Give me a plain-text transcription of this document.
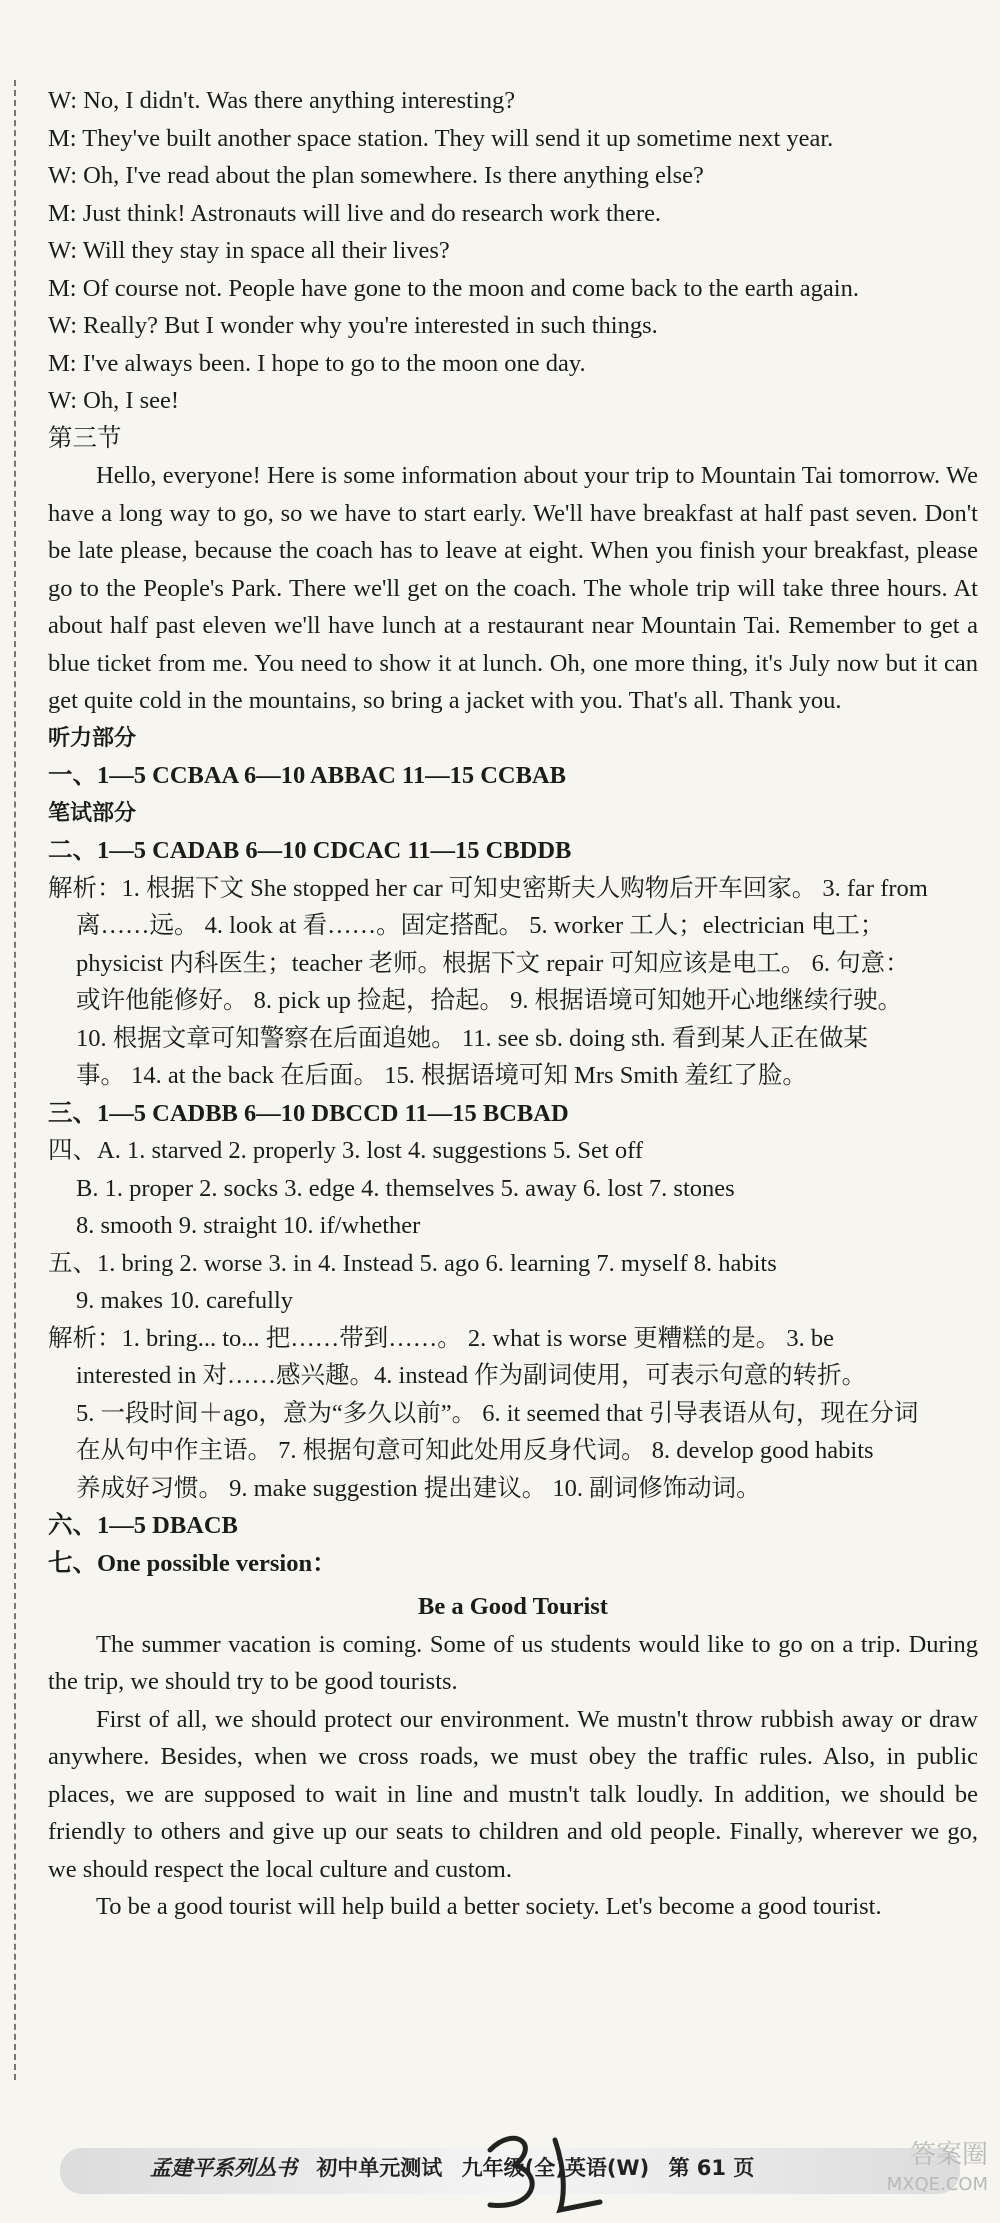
W: No, I didn't. Was there anything interesting?
M: They've built another space station. They will send it up sometime next year.
W: Oh, I've read about the plan somewhere. Is there anything else?
M: Just think! Astronauts will live and do research work there.
W: Will they stay in space all their lives?
M: Of course not. People have gone to the moon and come back to the earth again.
W: Really? But I wonder why you're interested in such things.
M: I've always been. I hope to go to the moon one day.
W: Oh, I see!
第三节
Hello, everyone! Here is some information about your trip to Mountain Tai tomorrow. We have a long way to go, so we have to start early. We'll have breakfast at half past seven. Don't be late please, because the coach has to leave at eight. When you finish your breakfast, please go to the People's Park. There we'll get on the coach. The whole trip will take three hours. At about half past eleven we'll have lunch at a restaurant near Mountain Tai. Remember to get a blue ticket from me. You need to show it at lunch. Oh, one more thing, it's July now but it can get quite cold in the mountains, so bring a jacket with you. That's all. Thank you.
听力部分
一、1—5 CCBAA 6—10 ABBAC 11—15 CCBAB
笔试部分
二、1—5 CADAB 6—10 CDCAC 11—15 CBDDB
解析：1. 根据下文 She stopped her car 可知史密斯夫人购物后开车回家。 3. far from
离……远。 4. look at 看……。固定搭配。 5. worker 工人；electrician 电工；
physicist 内科医生；teacher 老师。根据下文 repair 可知应该是电工。 6. 句意：
或许他能修好。 8. pick up 捡起，拾起。 9. 根据语境可知她开心地继续行驶。
10. 根据文章可知警察在后面追她。 11. see sb. doing sth. 看到某人正在做某
事。 14. at the back 在后面。 15. 根据语境可知 Mrs Smith 羞红了脸。
三、1—5 CADBB 6—10 DBCCD 11—15 BCBAD
四、A. 1. starved 2. properly 3. lost 4. suggestions 5. Set off
B. 1. proper 2. socks 3. edge 4. themselves 5. away 6. lost 7. stones
8. smooth 9. straight 10. if/whether
五、1. bring 2. worse 3. in 4. Instead 5. ago 6. learning 7. myself 8. habits
9. makes 10. carefully
解析：1. bring... to... 把……带到……。 2. what is worse 更糟糕的是。 3. be
interested in 对……感兴趣。4. instead 作为副词使用，可表示句意的转折。
5. 一段时间＋ago，意为“多久以前”。 6. it seemed that 引导表语从句，现在分词
在从句中作主语。 7. 根据句意可知此处用反身代词。 8. develop good habits
养成好习惯。 9. make suggestion 提出建议。 10. 副词修饰动词。
六、1—5 DBACB
七、One possible version：
Be a Good Tourist
The summer vacation is coming. Some of us students would like to go on a trip. During the trip, we should try to be good tourists.
First of all, we should protect our environment. We mustn't throw rubbish away or draw anywhere. Besides, when we cross roads, we must obey the traffic rules. Also, in public places, we are supposed to wait in line and mustn't talk loudly. In addition, we should be friendly to others and give up our seats to children and old people. Finally, wherever we go, we should respect the local culture and custom.
To be a good tourist will help build a better society. Let's become a good tourist.
孟建平系列丛书 初中单元测试 九年级(全)英语(W) 第 61 页	答案圈
MXQE.COM
